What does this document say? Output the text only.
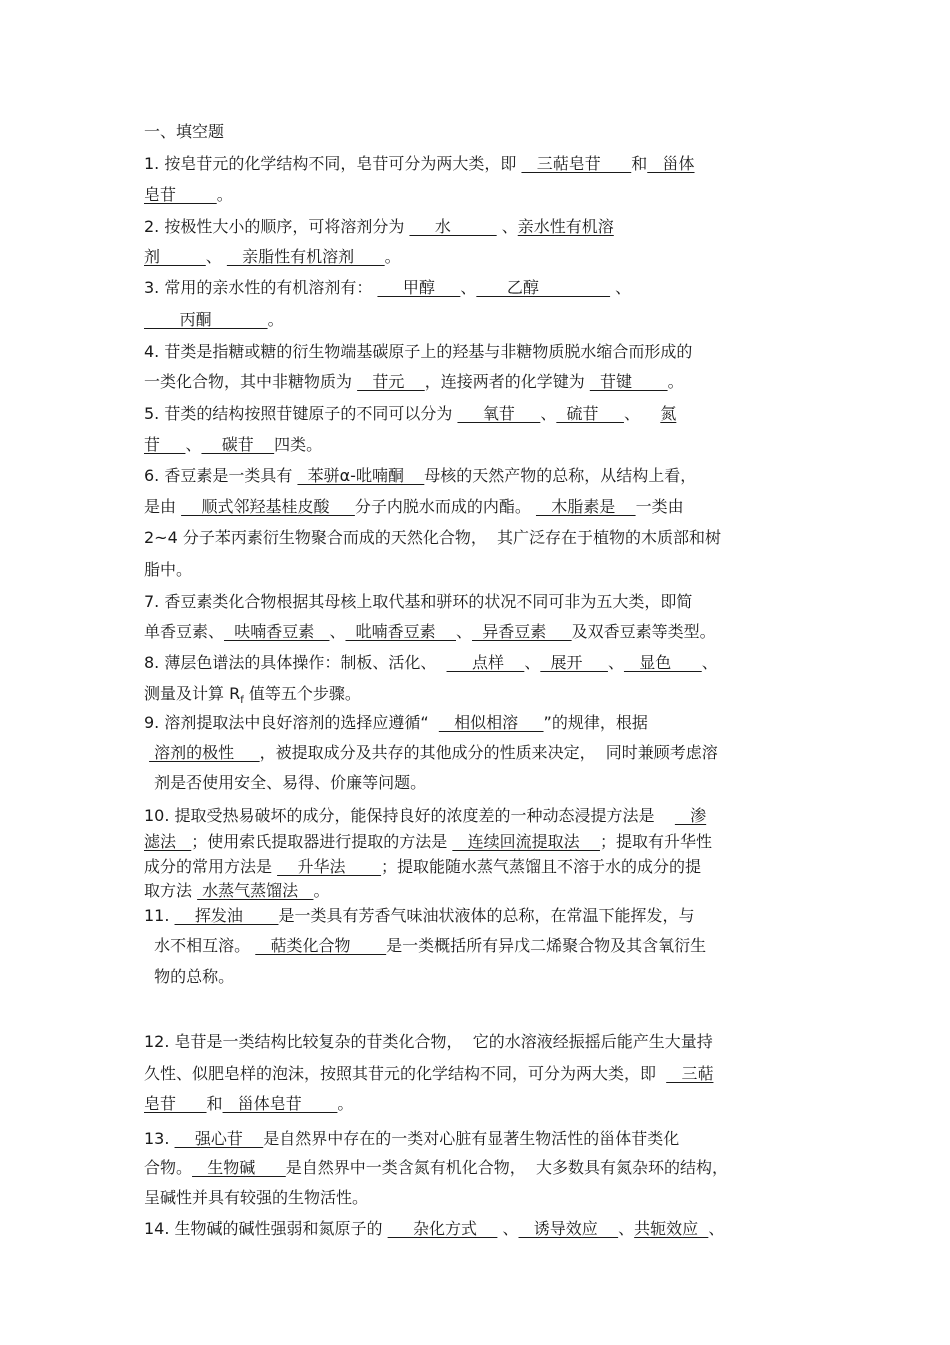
一、填空题
1. 按皂苷元的化学结构不同，皂苷可分为两大类，即    三萜皂苷      和   甾体
皂苷        。
2. 按极性大小的顺序，可将溶剂分为      水          、亲水性有机溶
剂         、    亲脂性有机溶剂      。
3. 常用的亲水性的有机溶剂有：      甲醇     、      乙醇               、
丙酮           。
4. 苷类是指糖或糖的衍生物端基碳原子上的羟基与非糖物质脱水缩合而形成的
一类化合物，其中非糖物质为    苷元    ，连接两者的化学键为   苷键       。
5. 苷类的结构按照苷键原子的不同可以分为      氧苷     、  硫苷     、    氮
苷     、    碳苷    四类。
6. 香豆素是一类具有   苯骈α-吡喃酮    母核的天然产物的总称，从结构上看，
是由     顺式邻羟基桂皮酸     分子内脱水而成的内酯。    木脂素是    一类由
2~4 分子苯丙素衍生物聚合而成的天然化合物，  其广泛存在于植物的木质部和树
脂中。
7. 香豆素类化合物根据其母核上取代基和骈环的状况不同可非为五大类，即简
单香豆素、  呋喃香豆素   、  吡喃香豆素    、  异香豆素     及双香豆素等类型。
8. 薄层色谱法的具体操作：制板、活化、       点样    、  展开     、   显色      、
测量及计算 $R_f$ 值等五个步骤。
9. 溶剂提取法中良好溶剂的选择应遵循“     相似相溶     ”的规律，根据
溶剂的极性     ，被提取成分及共存的其他成分的性质来决定，  同时兼顾考虑溶
剂是否使用安全、易得、价廉等问题。
10. 提取受热易破坏的成分，能保持良好的浓度差的一种动态浸提方法是       渗
滤法   ；使用索氏提取器进行提取的方法是    连续回流提取法    ；提取有升华性
成分的常用方法是     升华法       ；提取能随水蒸气蒸馏且不溶于水的成分的提
取方法  水蒸气蒸馏法   。
11.     挥发油       是一类具有芳香气味油状液体的总称，在常温下能挥发，与
水不相互溶。    萜类化合物       是一类概括所有异戊二烯聚合物及其含氧衍生
物的总称。
12. 皂苷是一类结构比较复杂的苷类化合物，  它的水溶液经振摇后能产生大量持
久性、似肥皂样的泡沫，按照其苷元的化学结构不同，可分为两大类，即     三萜
皂苷      和   甾体皂苷       。
13.     强心苷    是自然界中存在的一类对心脏有显著生物活性的甾体苷类化
合物。   生物碱      是自然界中一类含氮有机化合物，  大多数具有氮杂环的结构，
呈碱性并具有较强的生物活性。
14. 生物碱的碱性强弱和氮原子的      杂化方式     、   诱导效应    、共轭效应  、
